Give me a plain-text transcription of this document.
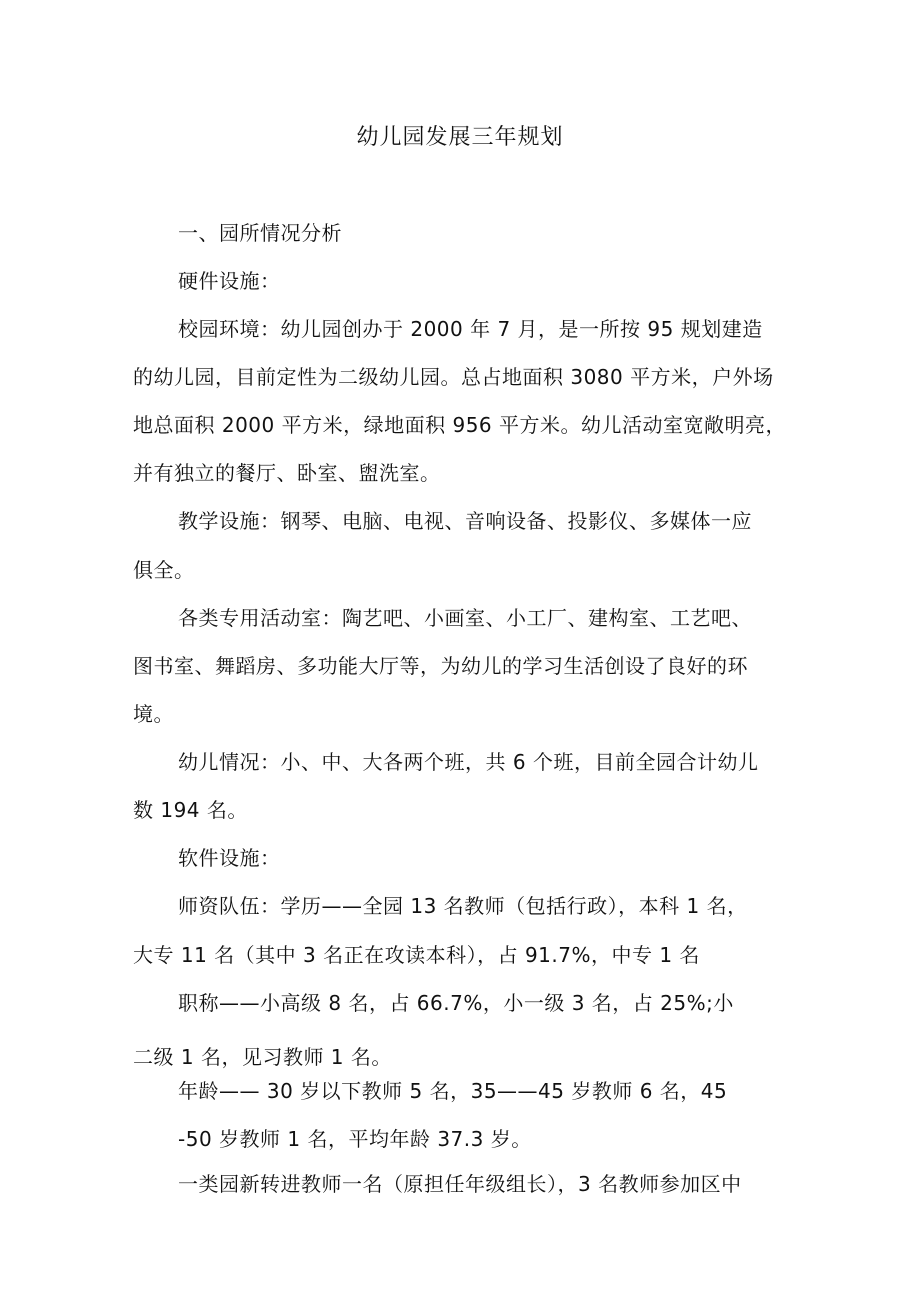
幼儿园发展三年规划
一、园所情况分析
硬件设施：
校园环境：幼儿园创办于 2000 年 7 月，是一所按 95 规划建造
的幼儿园，目前定性为二级幼儿园。总占地面积 3080 平方米，户外场
地总面积 2000 平方米，绿地面积 956 平方米。幼儿活动室宽敞明亮，
并有独立的餐厅、卧室、盥洗室。
教学设施：钢琴、电脑、电视、音响设备、投影仪、多媒体一应
俱全。
各类专用活动室：陶艺吧、小画室、小工厂、建构室、工艺吧、
图书室、舞蹈房、多功能大厅等，为幼儿的学习生活创设了良好的环
境。
幼儿情况：小、中、大各两个班，共 6 个班，目前全园合计幼儿
数 194 名。
软件设施：
师资队伍：学历——全园 13 名教师（包括行政），本科 1 名，
大专 11 名（其中 3 名正在攻读本科），占 91.7%，中专 1 名
职称——小高级 8 名，占 66.7%，小一级 3 名，占 25%;小
二级 1 名，见习教师 1 名。
年龄—— 30 岁以下教师 5 名，35——45 岁教师 6 名，45
-50 岁教师 1 名，平均年龄 37.3 岁。
一类园新转进教师一名（原担任年级组长），3 名教师参加区中
